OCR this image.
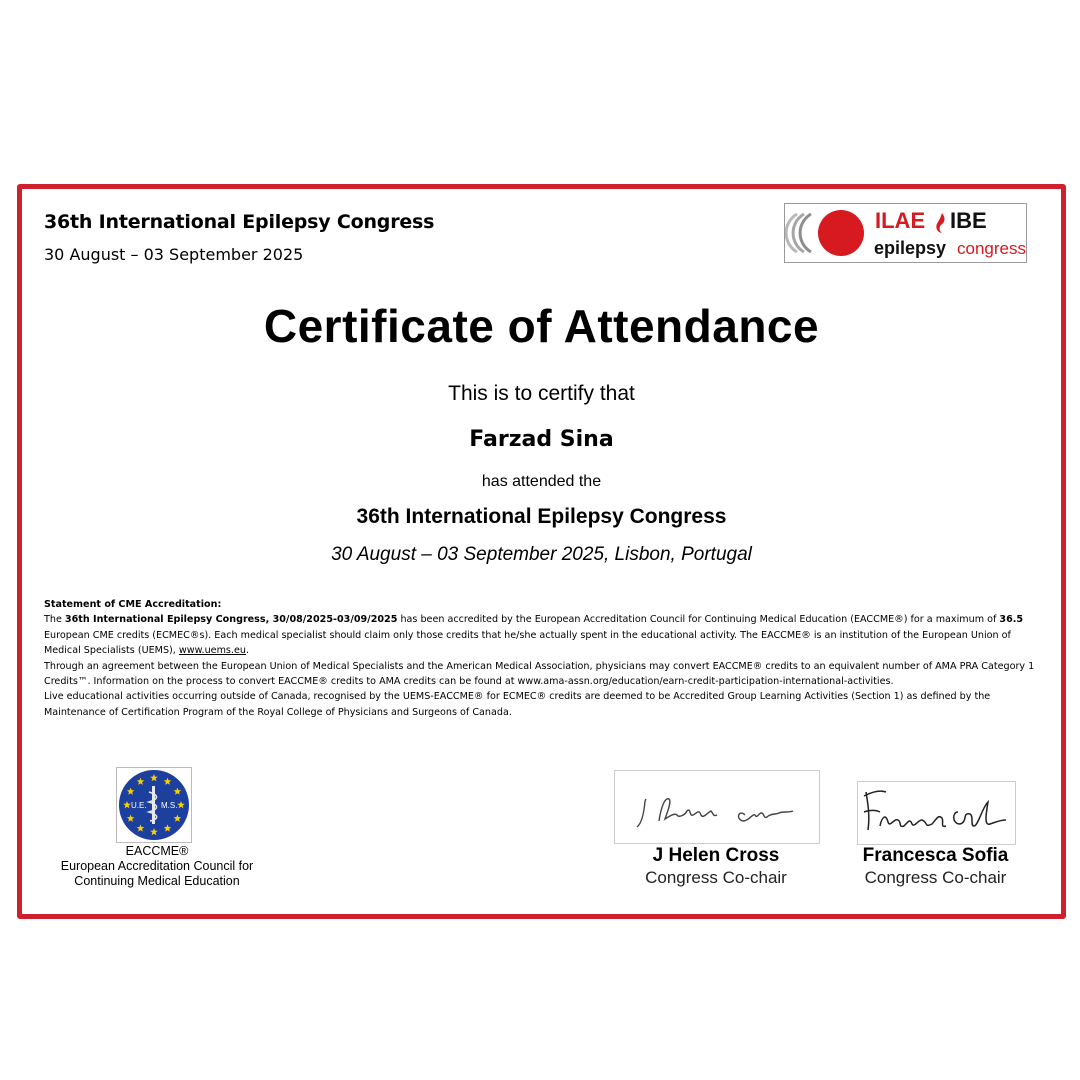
36th International Epilepsy Congress
30 August – 03 September 2025
ILAE IBE
epilepsy congress
Certificate of Attendance
This is to certify that
Farzad Sina
has attended the
36th International Epilepsy Congress
30 August – 03 September 2025, Lisbon, Portugal

Statement of CME Accreditation:

The 36th International Epilepsy Congress, 30/08/2025-03/09/2025 has been accredited by the European Accreditation Council for Continuing Medical Education (EACCME®) for a maximum of 36.5 European CME credits (ECMEC®s). Each medical specialist should claim only those credits that he/she actually spent in the educational activity. The EACCME® is an institution of the European Union of Medical Specialists (UEMS), www.uems.eu.

Through an agreement between the European Union of Medical Specialists and the American Medical Association, physicians may convert EACCME® credits to an equivalent number of AMA PRA Category 1 Credits™. Information on the process to convert EACCME® credits to AMA credits can be found at www.ama-assn.org/education/earn-credit-participation-international-activities.

Live educational activities occurring outside of Canada, recognised by the UEMS-EACCME® for ECMEC® credits are deemed to be Accredited Group Learning Activities (Section 1) as defined by the Maintenance of Certification Program of the Royal College of Physicians and Surgeons of Canada.

U.E. M.S.
EACCME®
European Accreditation Council for
Continuing Medical Education
J Helen Cross
Congress Co-chair
Francesca Sofia
Congress Co-chair
